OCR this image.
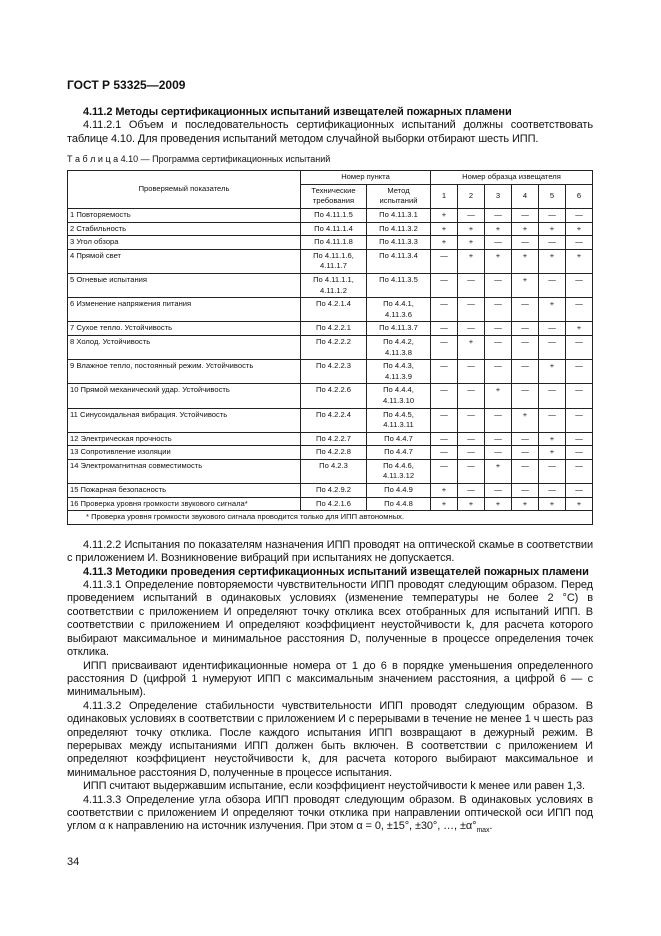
ГОСТ Р 53325—2009

4.11.2 Методы сертификационных испытаний извещателей пожарных пламени

4.11.2.1 Объем и последовательность сертификационных испытаний должны соответствовать таблице 4.10. Для проведения испытаний методом случайной выборки отбирают шесть ИПП.

Т а б л и ц а 4.10 — Программа сертификационных испытаний
Проверяемый показатель	Номер пункта		Номер образца извещателя					
	Технические требования	Метод испытаний	1	2	3	4	5	6
1 Повторяемость	По 4.11.1.5	По 4.11.3.1	+	—	—	—	—	—
2 Стабильность	По 4.11.1.4	По 4.11.3.2	+	+	+	+	+	+
3 Угол обзора	По 4.11.1.8	По 4.11.3.3	+	+	—	—	—	—
4 Прямой свет	По 4.11.1.6, 4.11.1.7	По 4.11.3.4	—	+	+	+	+	+
5 Огневые испытания	По 4.11.1.1, 4.11.1.2	По 4.11.3.5	—	—	—	+	—	—
6 Изменение напряжения питания	По 4.2.1.4	По 4.4.1, 4.11.3.6	—	—	—	—	+	—
7 Сухое тепло. Устойчивость	По 4.2.2.1	По 4.11.3.7	—	—	—	—	—	+
8 Холод. Устойчивость	По 4.2.2.2	По 4.4.2, 4.11.3.8	—	+	—	—	—	—
9 Влажное тепло, постоянный режим. Устойчивость	По 4.2.2.3	По 4.4.3, 4.11.3.9	—	—	—	—	+	—
10 Прямой механический удар. Устойчивость	По 4.2.2.6	По 4.4.4, 4.11.3.10	—	—	+	—	—	—
11 Синусоидальная вибрация. Устойчивость	По 4.2.2.4	По 4.4.5, 4.11.3.11	—	—	—	+	—	—
12 Электрическая прочность	По 4.2.2.7	По 4.4.7	—	—	—	—	+	—
13 Сопротивление изоляции	По 4.2.2.8	По 4.4.7	—	—	—	—	+	—
14 Электромагнитная совместимость	По 4.2.3	По 4.4.6, 4.11.3.12	—	—	+	—	—	—
15 Пожарная безопасность	По 4.2.9.2	По 4.4.9	+	—	—	—	—	—
16 Проверка уровня громкости звукового сигнала*	По 4.2.1.6	По 4.4.8	+	+	+	+	+	+
* Проверка уровня громкости звукового сигнала проводится только для ИПП автономных.								

4.11.2.2 Испытания по показателям назначения ИПП проводят на оптической скамье в соответствии с приложением И. Возникновение вибраций при испытаниях не допускается.

4.11.3 Методики проведения сертификационных испытаний извещателей пожарных пламени

4.11.3.1 Определение повторяемости чувствительности ИПП проводят следующим образом. Перед проведением испытаний в одинаковых условиях (изменение температуры не более 2 °С) в соответствии с приложением И определяют точку отклика всех отобранных для испытаний ИПП. В соответствии с приложением И определяют коэффициент неустойчивости k, для расчета которого выбирают максимальное и минимальное расстояния D, полученные в процессе определения точек отклика.

ИПП присваивают идентификационные номера от 1 до 6 в порядке уменьшения определенного расстояния D (цифрой 1 нумеруют ИПП с максимальным значением расстояния, а цифрой 6 — с минимальным).

4.11.3.2 Определение стабильности чувствительности ИПП проводят следующим образом. В одинаковых условиях в соответствии с приложением И с перерывами в течение не менее 1 ч шесть раз определяют точку отклика. После каждого испытания ИПП возвращают в дежурный режим. В перерывах между испытаниями ИПП должен быть включен. В соответствии с приложением И определяют коэффициент неустойчивости k, для расчета которого выбирают максимальное и минимальное расстояния D, полученные в процессе испытания.

ИПП считают выдержавшим испытание, если коэффициент неустойчивости k менее или равен 1,3.

4.11.3.3 Определение угла обзора ИПП проводят следующим образом. В одинаковых условиях в соответствии с приложением И определяют точки отклика при направлении оптической оси ИПП под углом α к направлению на источник излучения. При этом α = 0, ±15°, ±30°, …, $\pm\alpha^\circ_{max}$.

34
